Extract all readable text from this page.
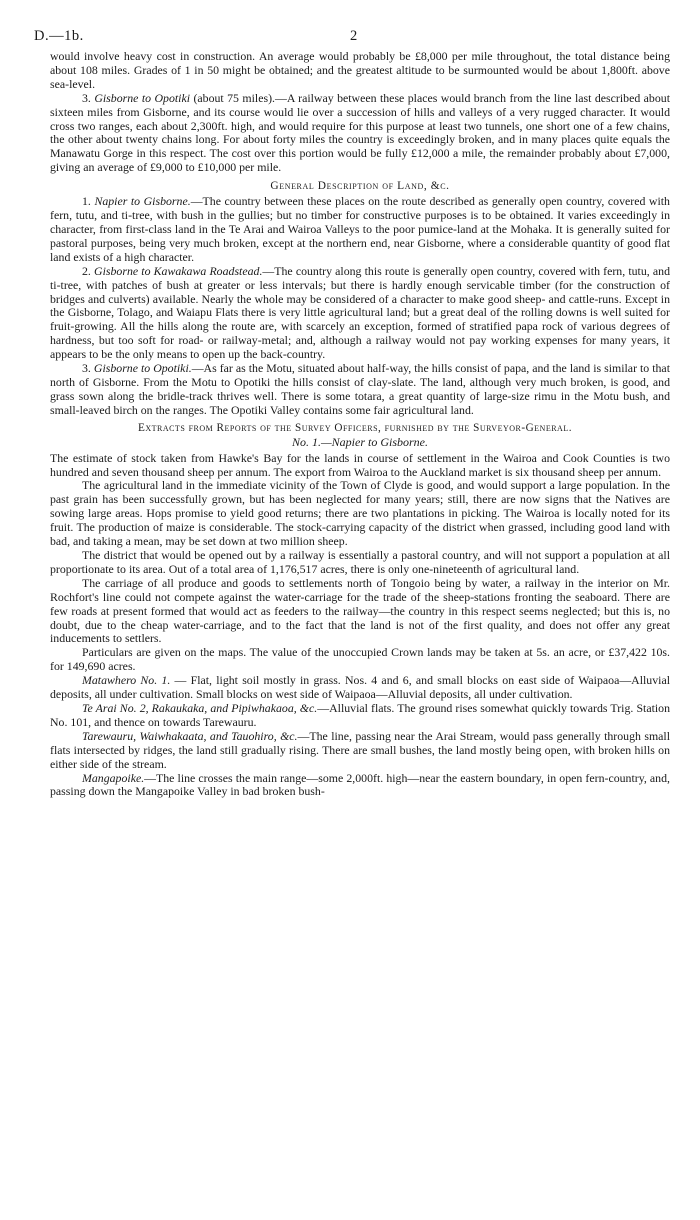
D.—1b.	2

would involve heavy cost in construction. An average would probably be £8,000 per mile throughout, the total distance being about 108 miles. Grades of 1 in 50 might be obtained; and the greatest altitude to be surmounted would be about 1,800ft. above sea-level.

3. Gisborne to Opotiki (about 75 miles).—A railway between these places would branch from the line last described about sixteen miles from Gisborne, and its course would lie over a succession of hills and valleys of a very rugged character. It would cross two ranges, each about 2,300ft. high, and would require for this purpose at least two tunnels, one short one of a few chains, the other about twenty chains long. For about forty miles the country is exceedingly broken, and in many places quite equals the Manawatu Gorge in this respect. The cost over this portion would be fully £12,000 a mile, the remainder probably about £7,000, giving an average of £9,000 to £10,000 per mile.

General Description of Land, &c.

1. Napier to Gisborne.—The country between these places on the route described as generally open country, covered with fern, tutu, and ti-tree, with bush in the gullies; but no timber for constructive purposes is to be obtained. It varies exceedingly in character, from first-class land in the Te Arai and Wairoa Valleys to the poor pumice-land at the Mohaka. It is generally suited for pastoral purposes, being very much broken, except at the northern end, near Gisborne, where a considerable quantity of good flat land exists of a high character.

2. Gisborne to Kawakawa Roadstead.—The country along this route is generally open country, covered with fern, tutu, and ti-tree, with patches of bush at greater or less intervals; but there is hardly enough servicable timber (for the construction of bridges and culverts) available. Nearly the whole may be considered of a character to make good sheep- and cattle-runs. Except in the Gisborne, Tolago, and Waiapu Flats there is very little agricultural land; but a great deal of the rolling downs is well suited for fruit-growing. All the hills along the route are, with scarcely an exception, formed of stratified papa rock of various degrees of hardness, but too soft for road- or railway-metal; and, although a railway would not pay working expenses for many years, it appears to be the only means to open up the back-country.

3. Gisborne to Opotiki.—As far as the Motu, situated about half-way, the hills consist of papa, and the land is similar to that north of Gisborne. From the Motu to Opotiki the hills consist of clay-slate. The land, although very much broken, is good, and grass sown along the bridle-track thrives well. There is some totara, a great quantity of large-size rimu in the Motu bush, and small-leaved birch on the ranges. The Opotiki Valley contains some fair agricultural land.

Extracts from Reports of the Survey Officers, furnished by the Surveyor-General.
No. 1.—Napier to Gisborne.

The estimate of stock taken from Hawke's Bay for the lands in course of settlement in the Wairoa and Cook Counties is two hundred and seven thousand sheep per annum. The export from Wairoa to the Auckland market is six thousand sheep per annum.

The agricultural land in the immediate vicinity of the Town of Clyde is good, and would support a large population. In the past grain has been successfully grown, but has been neglected for many years; still, there are now signs that the Natives are sowing large areas. Hops promise to yield good returns; there are two plantations in picking. The Wairoa is locally noted for its fruit. The production of maize is considerable. The stock-carrying capacity of the district when grassed, including good land with bad, and taking a mean, may be set down at two million sheep.

The district that would be opened out by a railway is essentially a pastoral country, and will not support a population at all proportionate to its area. Out of a total area of 1,176,517 acres, there is only one-nineteenth of agricultural land.

The carriage of all produce and goods to settlements north of Tongoio being by water, a railway in the interior on Mr. Rochfort's line could not compete against the water-carriage for the trade of the sheep-stations fronting the seaboard. There are few roads at present formed that would act as feeders to the railway—the country in this respect seems neglected; but this is, no doubt, due to the cheap water-carriage, and to the fact that the land is not of the first quality, and does not offer any great inducements to settlers.

Particulars are given on the maps. The value of the unoccupied Crown lands may be taken at 5s. an acre, or £37,422 10s. for 149,690 acres.

Matawhero No. 1. — Flat, light soil mostly in grass. Nos. 4 and 6, and small blocks on east side of Waipaoa—Alluvial deposits, all under cultivation. Small blocks on west side of Waipaoa—Alluvial deposits, all under cultivation.

Te Arai No. 2, Rakaukaka, and Pipiwhakaoa, &c.—Alluvial flats. The ground rises somewhat quickly towards Trig. Station No. 101, and thence on towards Tarewauru.

Tarewauru, Waiwhakaata, and Tauohiro, &c.—The line, passing near the Arai Stream, would pass generally through small flats intersected by ridges, the land still gradually rising. There are small bushes, the land mostly being open, with broken hills on either side of the stream.

Mangapoike.—The line crosses the main range—some 2,000ft. high—near the eastern boundary, in open fern-country, and, passing down the Mangapoike Valley in bad broken bush-
